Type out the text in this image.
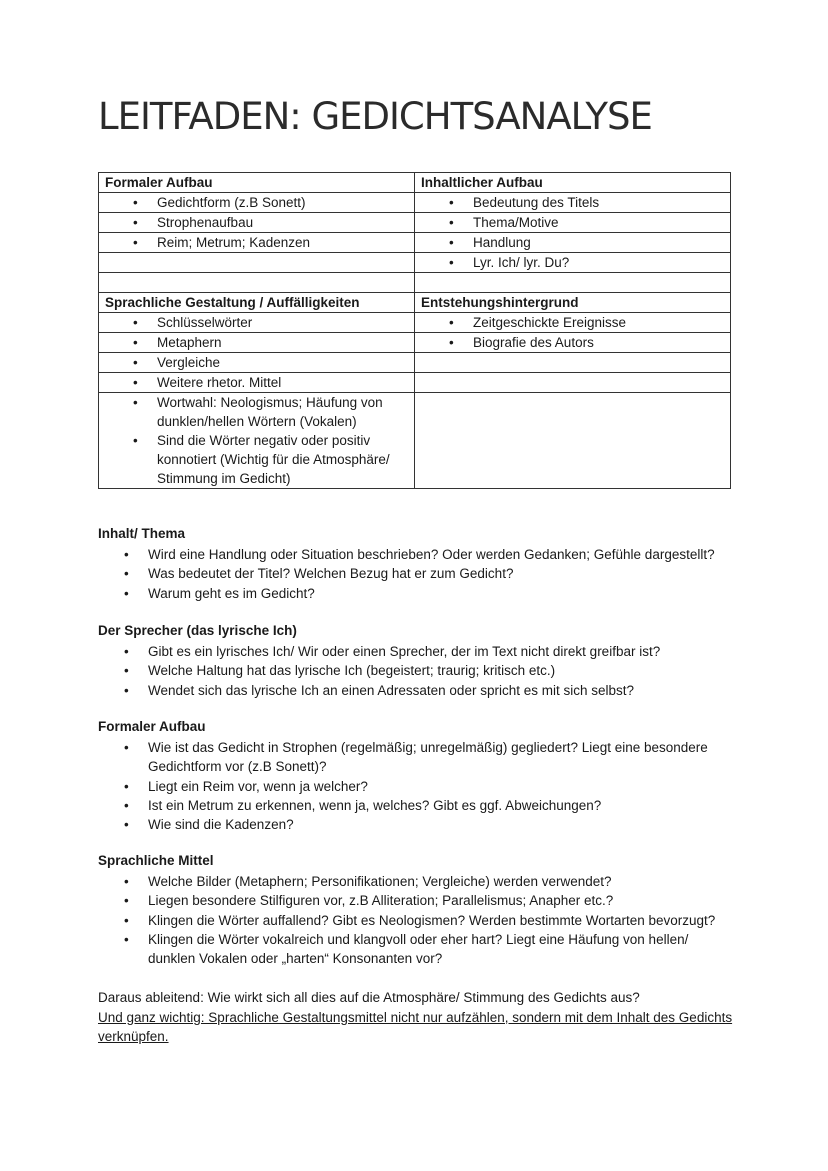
LEITFADEN: GEDICHTSANALYSE
Formaler Aufbau	Inhaltlicher Aufbau

• Gedichtform (z.B Sonett)	• Bedeutung des Titels

• Strophenaufbau	• Thema/Motive

• Reim; Metrum; Kadenzen	• Handlung

	• Lyr. Ich/ lyr. Du?

Sprachliche Gestaltung / Auffälligkeiten	Entstehungshintergrund

• Schlüsselwörter	• Zeitgeschickte Ereignisse

• Metaphern	• Biografie des Autors

• Vergleiche

• Weitere rhetor. Mittel

• Wortwahl: Neologismus; Häufung von dunklen/hellen Wörtern (Vokalen)
• Sind die Wörter negativ oder positiv konnotiert (Wichtig für die Atmosphäre/ Stimmung im Gedicht)

Inhalt/ Thema
• Wird eine Handlung oder Situation beschrieben? Oder werden Gedanken; Gefühle dargestellt?
• Was bedeutet der Titel? Welchen Bezug hat er zum Gedicht?
• Warum geht es im Gedicht?
Der Sprecher (das lyrische Ich)
• Gibt es ein lyrisches Ich/ Wir oder einen Sprecher, der im Text nicht direkt greifbar ist?
• Welche Haltung hat das lyrische Ich (begeistert; traurig; kritisch etc.)
• Wendet sich das lyrische Ich an einen Adressaten oder spricht es mit sich selbst?
Formaler Aufbau
• Wie ist das Gedicht in Strophen (regelmäßig; unregelmäßig) gegliedert? Liegt eine besondere Gedichtform vor (z.B Sonett)?
• Liegt ein Reim vor, wenn ja welcher?
• Ist ein Metrum zu erkennen, wenn ja, welches? Gibt es ggf. Abweichungen?
• Wie sind die Kadenzen?
Sprachliche Mittel
• Welche Bilder (Metaphern; Personifikationen; Vergleiche) werden verwendet?
• Liegen besondere Stilfiguren vor, z.B Alliteration; Parallelismus; Anapher etc.?
• Klingen die Wörter auffallend? Gibt es Neologismen? Werden bestimmte Wortarten bevorzugt?
• Klingen die Wörter vokalreich und klangvoll oder eher hart? Liegt eine Häufung von hellen/ dunklen Vokalen oder „harten“ Konsonanten vor?
Daraus ableitend: Wie wirkt sich all dies auf die Atmosphäre/ Stimmung des Gedichts aus?
Und ganz wichtig: Sprachliche Gestaltungsmittel nicht nur aufzählen, sondern mit dem Inhalt des Gedichts verknüpfen.
